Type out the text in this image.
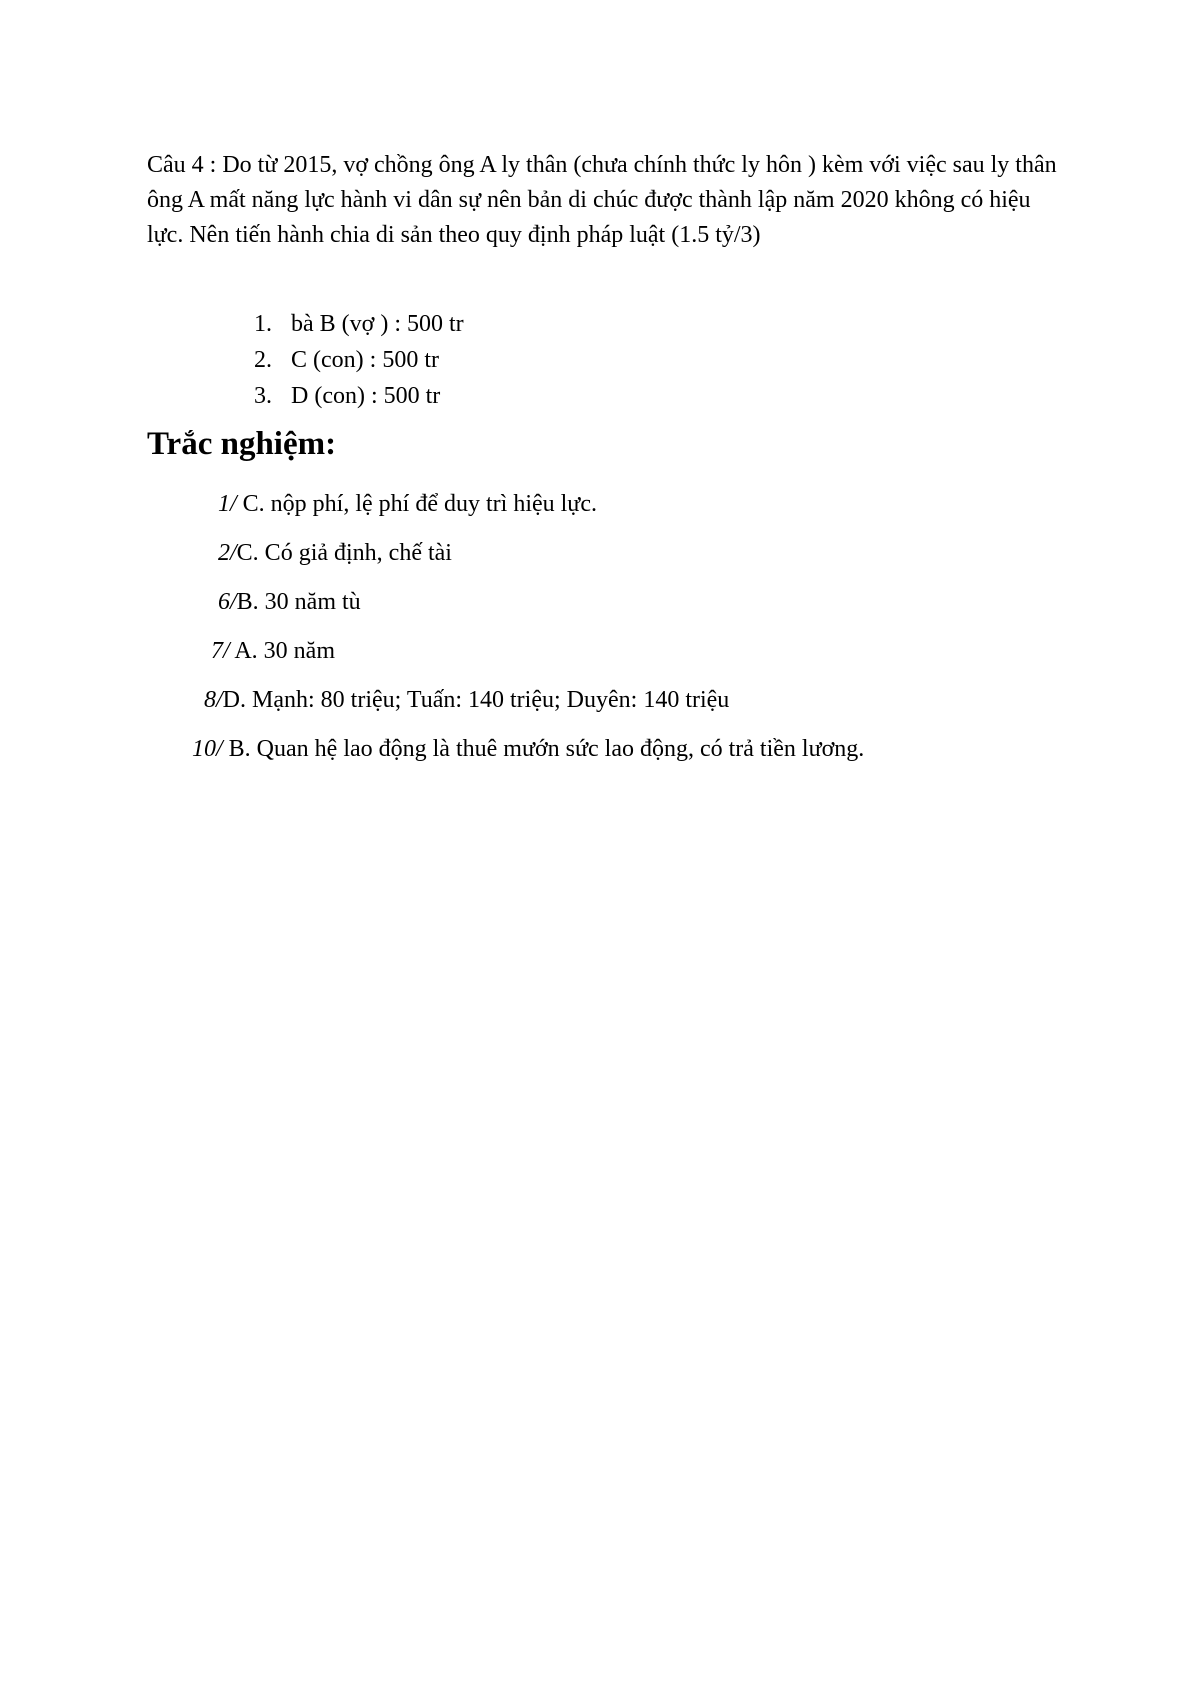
Câu 4 : Do từ 2015, vợ chồng ông A ly thân (chưa chính thức ly hôn ) kèm với việc sau ly thân ông A mất năng lực hành vi dân sự nên bản di chúc được thành lập năm 2020 không có hiệu lực. Nên tiến hành chia di sản theo quy định pháp luật (1.5 tỷ/3)

1. bà B (vợ ) : 500 tr
2. C (con) : 500 tr
3. D (con) : 500 tr
Trắc nghiệm:
1/ C. nộp phí, lệ phí để duy trì hiệu lực.
2/C. Có giả định, chế tài
6/B. 30 năm tù
7/ A. 30 năm
8/D. Mạnh: 80 triệu; Tuấn: 140 triệu; Duyên: 140 triệu
10/ B. Quan hệ lao động là thuê mướn sức lao động, có trả tiền lương.
